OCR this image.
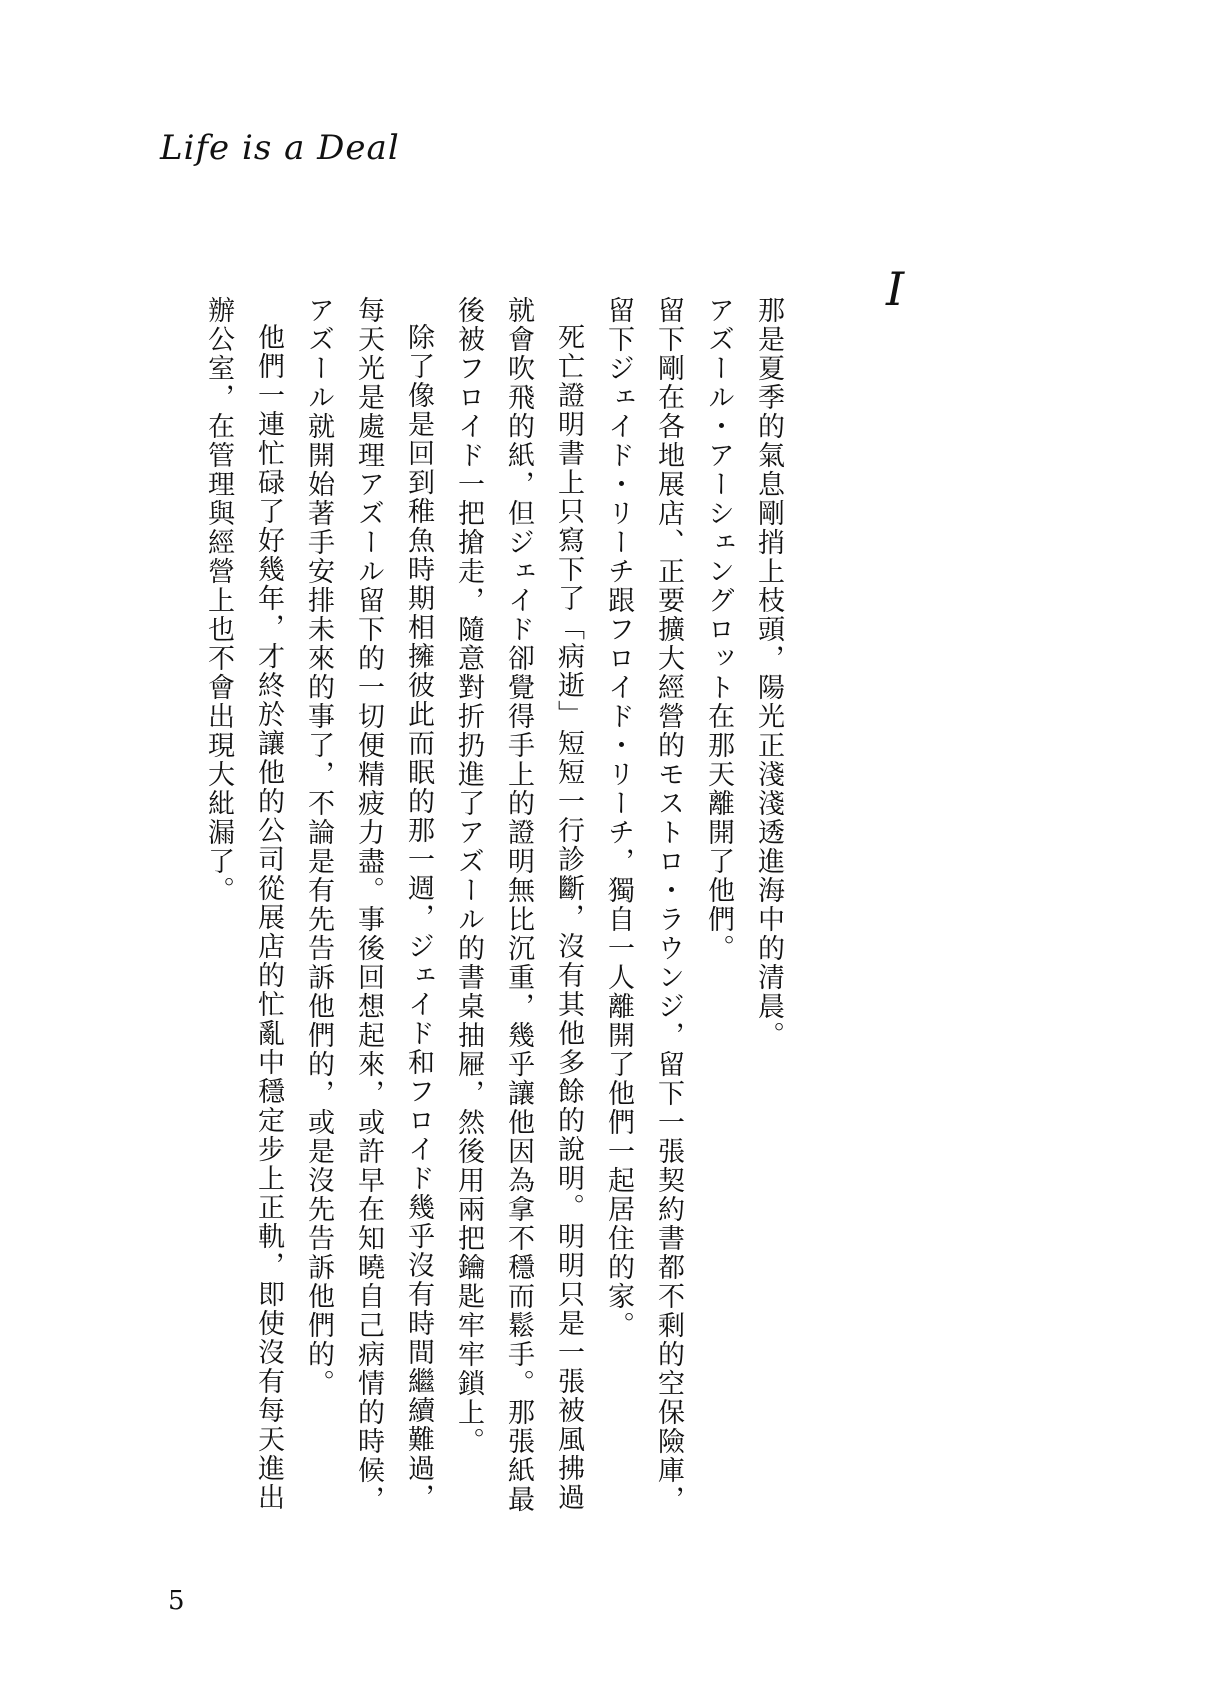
Life is a Deal
I

那是夏季的氣息剛捎上枝頭，陽光正淺淺透進海中的清晨。

アズール・アーシェングロット在那天離開了他們。

留下剛在各地展店、正要擴大經營的モストロ・ラウンジ，留下一張契約書都不剩的空保險庫，留下ジェイド・リーチ跟フロイド・リーチ，獨自一人離開了他們一起居住的家。

死亡證明書上只寫下了「病逝」短短一行診斷，沒有其他多餘的說明。明明只是一張被風拂過就會吹飛的紙，但ジェイド卻覺得手上的證明無比沉重，幾乎讓他因為拿不穩而鬆手。那張紙最後被フロイド一把搶走，隨意對折扔進了アズール的書桌抽屜，然後用兩把鑰匙牢牢鎖上。

除了像是回到稚魚時期相擁彼此而眠的那一週，ジェイド和フロイド幾乎沒有時間繼續難過，每天光是處理アズール留下的一切便精疲力盡。事後回想起來，或許早在知曉自己病情的時候，アズール就開始著手安排未來的事了，不論是有先告訴他們的，或是沒先告訴他們的。

他們一連忙碌了好幾年，才終於讓他的公司從展店的忙亂中穩定步上正軌，即使沒有每天進出辦公室，在管理與經營上也不會出現大紕漏了。

5
